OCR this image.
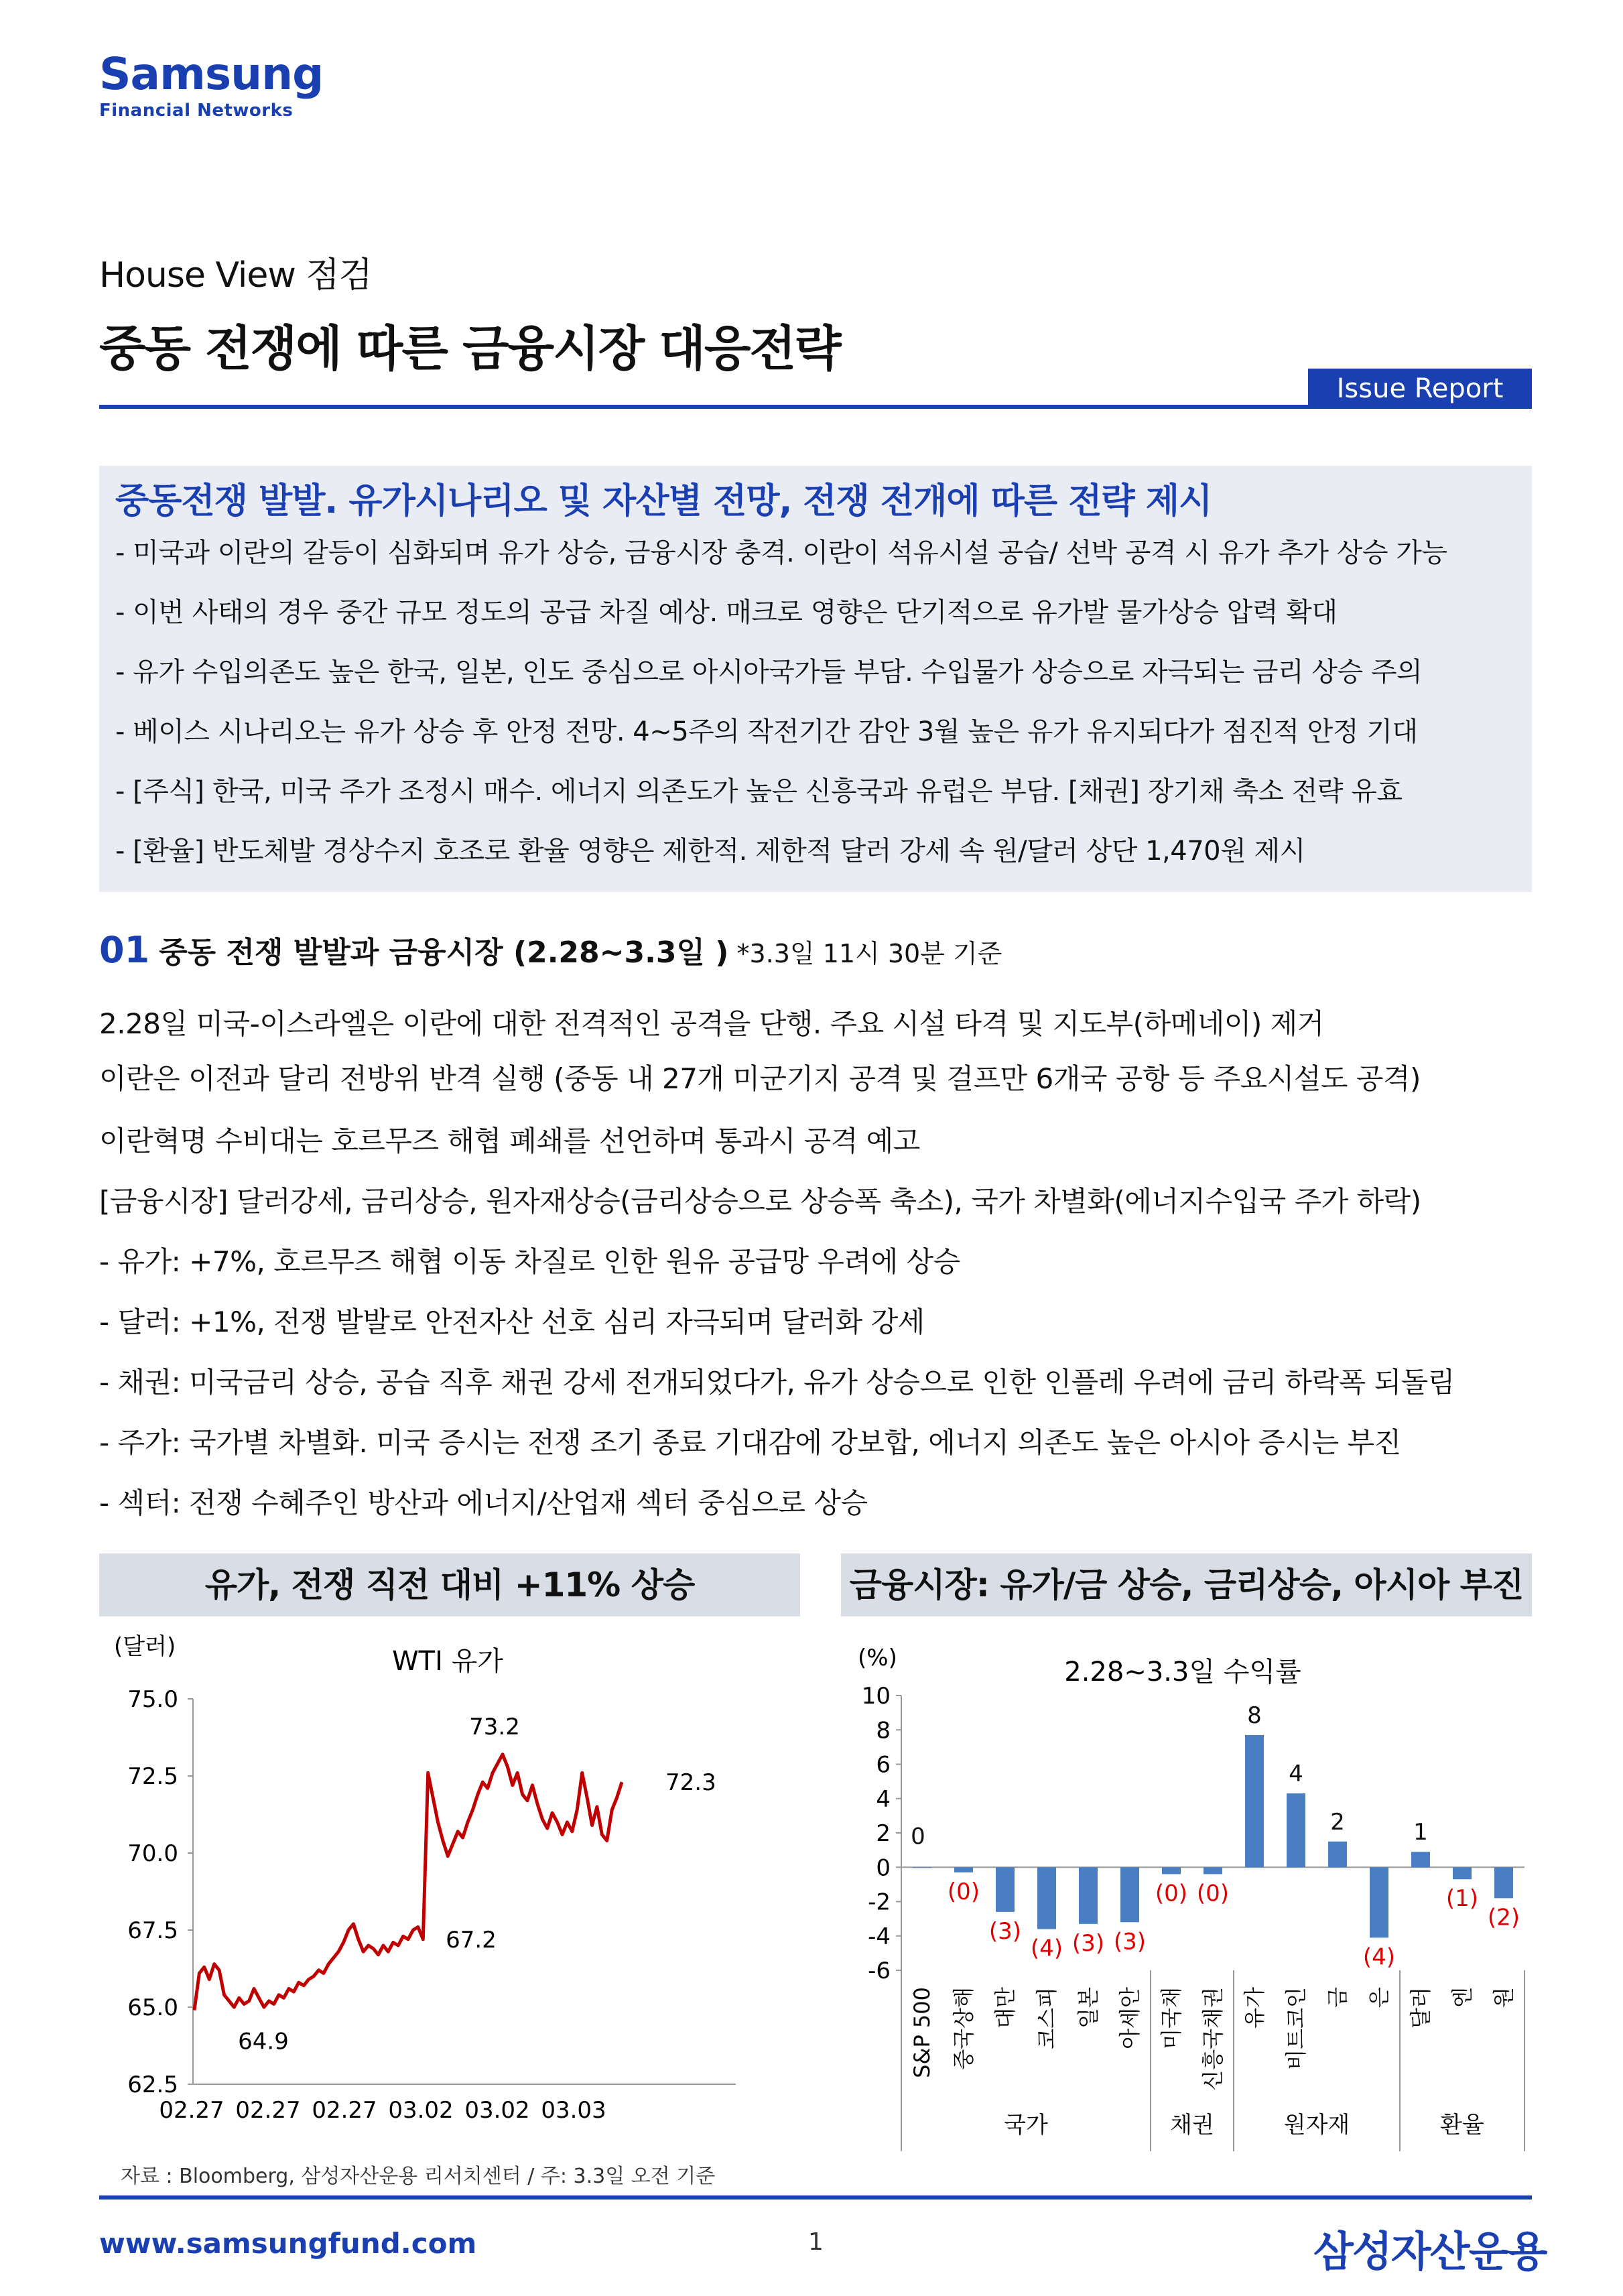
Samsung
Financial Networks
House View 점검
중동 전쟁에 따른 금융시장 대응전략
Issue Report
중동전쟁 발발. 유가시나리오 및 자산별 전망, 전쟁 전개에 따른 전략 제시
- 미국과 이란의 갈등이 심화되며 유가 상승, 금융시장 충격. 이란이 석유시설 공습/ 선박 공격 시 유가 추가 상승 가능
- 이번 사태의 경우 중간 규모 정도의 공급 차질 예상. 매크로 영향은 단기적으로 유가발 물가상승 압력 확대
- 유가 수입의존도 높은 한국, 일본, 인도 중심으로 아시아국가들 부담. 수입물가 상승으로 자극되는 금리 상승 주의
- 베이스 시나리오는 유가 상승 후 안정 전망. 4~5주의 작전기간 감안 3월 높은 유가 유지되다가 점진적 안정 기대
- [주식] 한국, 미국 주가 조정시 매수. 에너지 의존도가 높은 신흥국과 유럽은 부담. [채권] 장기채 축소 전략 유효
- [환율] 반도체발 경상수지 호조로 환율 영향은 제한적. 제한적 달러 강세 속 원/달러 상단 1,470원 제시
01 중동 전쟁 발발과 금융시장 (2.28~3.3일 ) *3.3일 11시 30분 기준
2.28일 미국-이스라엘은 이란에 대한 전격적인 공격을 단행. 주요 시설 타격 및 지도부(하메네이) 제거
이란은 이전과 달리 전방위 반격 실행 (중동 내 27개 미군기지 공격 및 걸프만 6개국 공항 등 주요시설도 공격)
이란혁명 수비대는 호르무즈 해협 폐쇄를 선언하며 통과시 공격 예고
[금융시장] 달러강세, 금리상승, 원자재상승(금리상승으로 상승폭 축소), 국가 차별화(에너지수입국 주가 하락)
- 유가: +7%, 호르무즈 해협 이동 차질로 인한 원유 공급망 우려에 상승
- 달러: +1%, 전쟁 발발로 안전자산 선호 심리 자극되며 달러화 강세
- 채권: 미국금리 상승, 공습 직후 채권 강세 전개되었다가, 유가 상승으로 인한 인플레 우려에 금리 하락폭 되돌림
- 주가: 국가별 차별화. 미국 증시는 전쟁 조기 종료 기대감에 강보합, 에너지 의존도 높은 아시아 증시는 부진
- 섹터: 전쟁 수혜주인 방산과 에너지/산업재 섹터 중심으로 상승
유가, 전쟁 직전 대비 +11% 상승	금융시장: 유가/금 상승, 금리상승, 아시아 부진
(달러)	WTI 유가
75.0
72.5
70.0
67.5
65.0
62.5
02.27 02.27 02.27 03.02 03.02 03.03
73.2
72.3
67.2
64.9
(%)	2.28~3.3일 수익률
10
8
6
4
2
0
-2
-4
-6
0
(0)
(3)
(4) (3) (3)
(0) (0)
8
4
2
(4)
1
(1)
(2)
S&P 500 중국상해 대만 코스피 일본 아세안 미국채 신흥국채권 유가 비트코인 금 은 달러 엔 원
국가	채권	원자재	환율
자료 : Bloomberg, 삼성자산운용 리서치센터 / 주: 3.3일 오전 기준
www.samsungfund.com	1	삼성자산운용
